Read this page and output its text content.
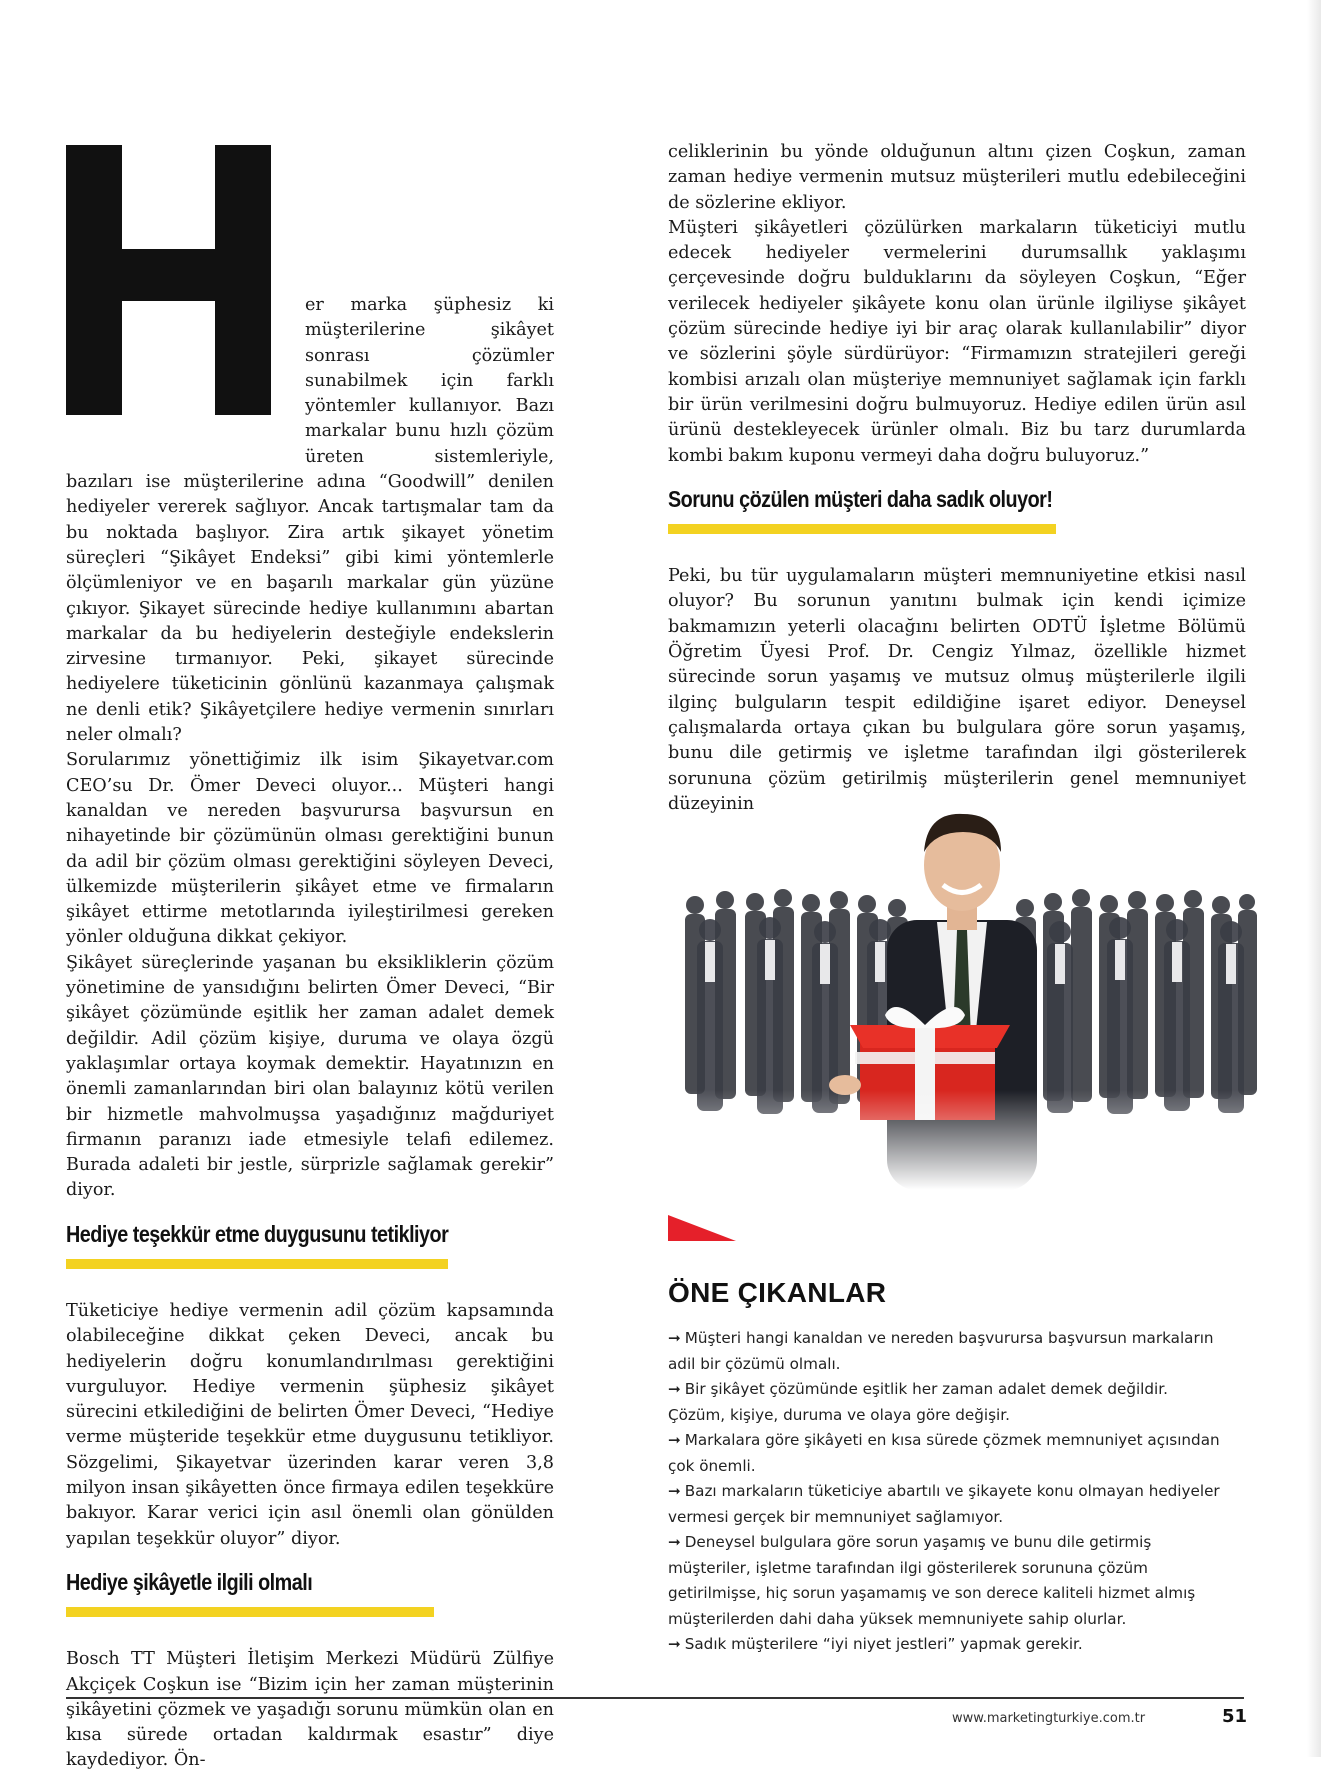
er marka şüphesiz ki müşterilerine şikâyet sonrası çözümler sunabilmek için farklı yöntemler kullanıyor. Bazı markalar bunu hızlı çözüm üreten sistemleriyle, bazıları ise müşterilerine adına “Goodwill” denilen hediyeler vererek sağlıyor. Ancak tartışmalar tam da bu noktada başlıyor. Zira artık şikayet yönetim süreçleri “Şikâyet Endeksi” gibi kimi yöntemlerle ölçümleniyor ve en başarılı markalar gün yüzüne çıkıyor. Şikayet sürecinde hediye kullanımını abartan markalar da bu hediyelerin desteğiyle endekslerin zirvesine tırmanıyor. Peki, şikayet sürecinde hediyelere tüketicinin gönlünü kazanmaya çalışmak ne denli etik? Şikâyetçilere hediye vermenin sınırları neler olmalı?

Sorularımız yönettiğimiz ilk isim Şikayetvar.com CEO’su Dr. Ömer Deveci oluyor... Müşteri hangi kanaldan ve nereden başvurursa başvursun en nihayetinde bir çözümünün olması gerektiğini bunun da adil bir çözüm olması gerektiğini söyleyen Deveci, ülkemizde müşterilerin şikâyet etme ve firmaların şikâyet ettirme metotlarında iyileştirilmesi gereken yönler olduğuna dikkat çekiyor.

Şikâyet süreçlerinde yaşanan bu eksikliklerin çözüm yönetimine de yansıdığını belirten Ömer Deveci, “Bir şikâyet çözümünde eşitlik her zaman adalet demek değildir. Adil çözüm kişiye, duruma ve olaya özgü yaklaşımlar ortaya koymak demektir. Hayatınızın en önemli zamanlarından biri olan balayınız kötü verilen bir hizmetle mahvolmuşsa yaşadığınız mağduriyet firmanın paranızı iade etmesiyle telafi edilemez. Burada adaleti bir jestle, sürprizle sağlamak gerekir” diyor.

Hediye teşekkür etme duygusunu tetikliyor

Tüketiciye hediye vermenin adil çözüm kapsamında olabileceğine dikkat çeken Deveci, ancak bu hediyelerin doğru konumlandırılması gerektiğini vurguluyor. Hediye vermenin şüphesiz şikâyet sürecini etkilediğini de belirten Ömer Deveci, “Hediye verme müşteride teşekkür etme duygusunu tetikliyor. Sözgelimi, Şikayetvar üzerinden karar veren 3,8 milyon insan şikâyetten önce firmaya edilen teşekküre bakıyor. Karar verici için asıl önemli olan gönülden yapılan teşekkür oluyor” diyor.

Hediye şikâyetle ilgili olmalı

Bosch TT Müşteri İletişim Merkezi Müdürü Zülfiye Akçiçek Coşkun ise “Bizim için her zaman müşterinin şikâyetini çözmek ve yaşadığı sorunu mümkün olan en kısa sürede ortadan kaldırmak esastır” diye kaydediyor. Ön-

celiklerinin bu yönde olduğunun altını çizen Coşkun, zaman zaman hediye vermenin mutsuz müşterileri mutlu edebileceğini de sözlerine ekliyor.

Müşteri şikâyetleri çözülürken markaların tüketiciyi mutlu edecek hediyeler vermelerini durumsallık yaklaşımı çerçevesinde doğru bulduklarını da söyleyen Coşkun, “Eğer verilecek hediyeler şikâyete konu olan ürünle ilgiliyse şikâyet çözüm sürecinde hediye iyi bir araç olarak kullanılabilir” diyor ve sözlerini şöyle sürdürüyor: “Firmamızın stratejileri gereği kombisi arızalı olan müşteriye memnuniyet sağlamak için farklı bir ürün verilmesini doğru bulmuyoruz. Hediye edilen ürün asıl ürünü destekleyecek ürünler olmalı. Biz bu tarz durumlarda kombi bakım kuponu vermeyi daha doğru buluyoruz.”

Sorunu çözülen müşteri daha sadık oluyor!

Peki, bu tür uygulamaların müşteri memnuniyetine etkisi nasıl oluyor? Bu sorunun yanıtını bulmak için kendi içimize bakmamızın yeterli olacağını belirten ODTÜ İşletme Bölümü Öğretim Üyesi Prof. Dr. Cengiz Yılmaz, özellikle hizmet sürecinde sorun yaşamış ve mutsuz olmuş müşterilerle ilgili ilginç bulguların tespit edildiğine işaret ediyor. Deneysel çalışmalarda ortaya çıkan bu bulgulara göre sorun yaşamış, bunu dile getirmiş ve işletme tarafından ilgi gösterilerek sorununa çözüm getirilmiş müşterilerin genel memnuniyet

ÖNE ÇIKANLAR
➞ Müşteri hangi kanaldan ve nereden başvurursa başvursun markaların adil bir çözümü olmalı.
➞ Bir şikâyet çözümünde eşitlik her zaman adalet demek değildir. Çözüm, kişiye, duruma ve olaya göre değişir.
➞ Markalara göre şikâyeti en kısa sürede çözmek memnuniyet açısından çok önemli.
➞ Bazı markaların tüketiciye abartılı ve şikayete konu olmayan hediyeler vermesi gerçek bir memnuniyet sağlamıyor.
➞ Deneysel bulgulara göre sorun yaşamış ve bunu dile getirmiş müşteriler, işletme tarafından ilgi gösterilerek sorununa çözüm getirilmişse, hiç sorun yaşamamış ve son derece kaliteli hizmet almış müşterilerden dahi daha yüksek memnuniyete sahip olurlar.
➞ Sadık müşterilere “iyi niyet jestleri” yapmak gerekir.
www.marketingturkiye.com.tr	51
